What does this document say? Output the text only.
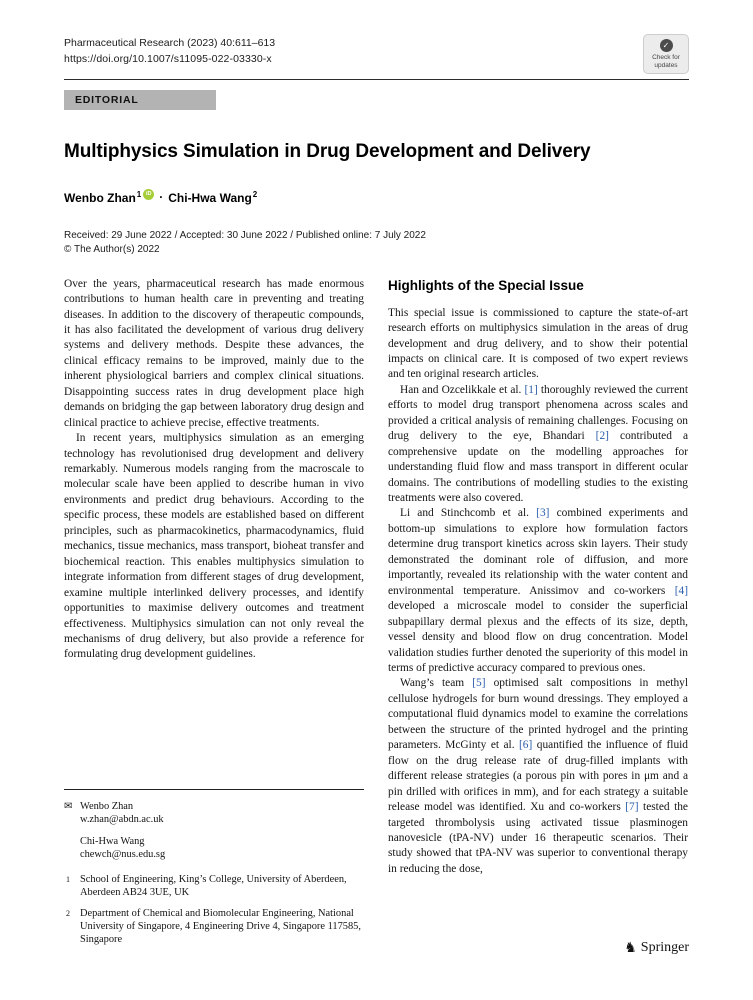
Pharmaceutical Research (2023) 40:611–613
https://doi.org/10.1007/s11095-022-03330-x
✓
Check for updates
EDITORIAL
Multiphysics Simulation in Drug Development and Delivery
Wenbo Zhan$^1$ iD · Chi-Hwa Wang$^2$
Received: 29 June 2022 / Accepted: 30 June 2022 / Published online: 7 July 2022
© The Author(s) 2022

Over the years, pharmaceutical research has made enormous contributions to human health care in preventing and treating diseases. In addition to the discovery of therapeutic compounds, it has also facilitated the development of various drug delivery systems and delivery methods. Despite these advances, the clinical efficacy remains to be improved, mainly due to the inherent physiological barriers and complex clinical situations. Disappointing success rates in drug development place high demands on bridging the gap between laboratory drug design and clinical practice to achieve precise, effective treatments.

In recent years, multiphysics simulation as an emerging technology has revolutionised drug development and delivery remarkably. Numerous models ranging from the macroscale to molecular scale have been applied to describe human in vivo environments and predict drug behaviours. According to the specific process, these models are established based on different principles, such as pharmacokinetics, pharmacodynamics, fluid mechanics, tissue mechanics, mass transport, bioheat transfer and biochemical reaction. This enables multiphysics simulation to integrate information from different stages of drug development, examine multiple interlinked delivery processes, and identify opportunities to maximise delivery outcomes and treatment effectiveness. Multiphysics simulation can not only reveal the mechanisms of drug delivery, but also provide a reference for formulating drug development guidelines.

✉ Wenbo Zhan
w.zhan@abdn.ac.uk
Chi-Hwa Wang
chewch@nus.edu.sg
1 School of Engineering, King’s College, University of Aberdeen, Aberdeen AB24 3UE, UK
2 Department of Chemical and Biomolecular Engineering, National University of Singapore, 4 Engineering Drive 4, Singapore 117585, Singapore
Highlights of the Special Issue

This special issue is commissioned to capture the state-of-art research efforts on multiphysics simulation in the areas of drug development and drug delivery, and to show their potential impacts on clinical care. It is composed of two expert reviews and ten original research articles.

Han and Ozcelikkale et al. [1] thoroughly reviewed the current efforts to model drug transport phenomena across scales and provided a critical analysis of remaining challenges. Focusing on drug delivery to the eye, Bhandari [2] contributed a comprehensive update on the modelling approaches for understanding fluid flow and mass transport in different ocular domains. The contributions of modelling studies to the existing treatments were also covered.

Li and Stinchcomb et al. [3] combined experiments and bottom-up simulations to explore how formulation factors determine drug transport kinetics across skin layers. Their study demonstrated the dominant role of diffusion, and more importantly, revealed its relationship with the water content and environmental temperature. Anissimov and co-workers [4] developed a microscale model to consider the superficial subpapillary dermal plexus and the effects of its size, depth, vessel density and blood flow on drug concentration. Model validation studies further denoted the superiority of this model in terms of predictive accuracy compared to previous ones.

Wang’s team [5] optimised salt compositions in methyl cellulose hydrogels for burn wound dressings. They employed a computational fluid dynamics model to examine the correlations between the structure of the printed hydrogel and the printing parameters. McGinty et al. [6] quantified the influence of fluid flow on the drug release rate of drug-filled implants with different release strategies (a porous pin with pores in μm and a pin drilled with orifices in mm), and for each strategy a suitable release model was identified. Xu and co-workers [7] tested the targeted thrombolysis using activated tissue plasminogen nanovesicle (tPA-NV) under 16 therapeutic scenarios. Their study showed that tPA-NV was superior to conventional therapy in reducing the dose,

♞ Springer
